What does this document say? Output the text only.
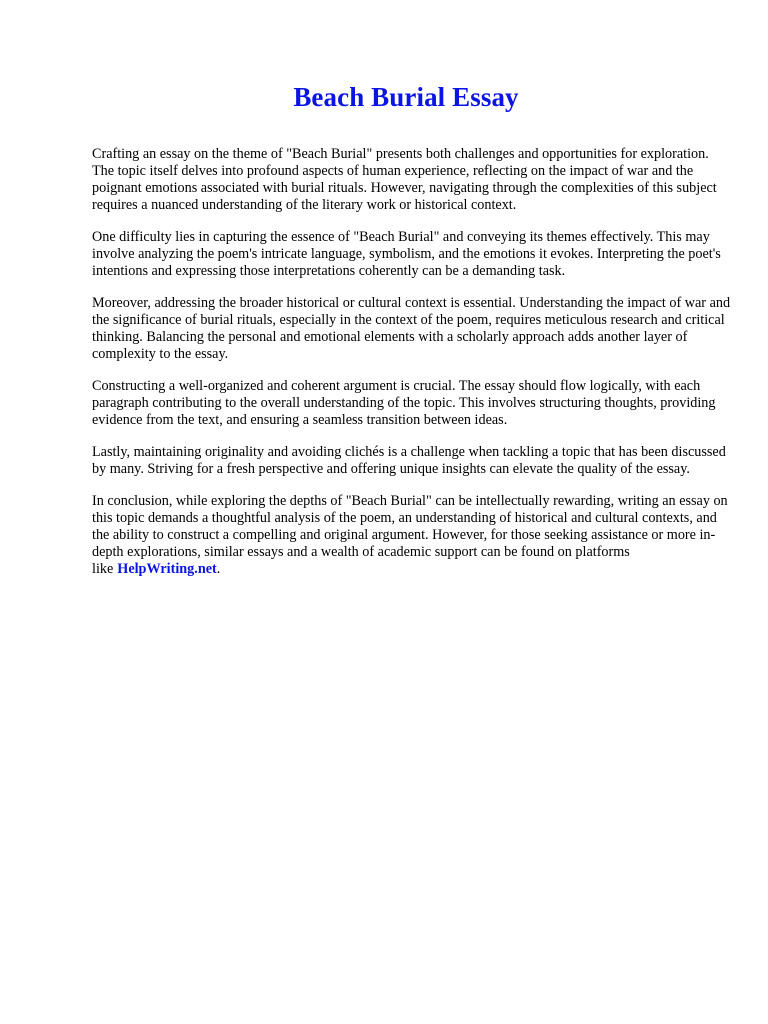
Beach Burial Essay

Crafting an essay on the theme of "Beach Burial" presents both challenges and opportunities for exploration. The topic itself delves into profound aspects of human experience, reflecting on the impact of war and the poignant emotions associated with burial rituals. However, navigating through the complexities of this subject requires a nuanced understanding of the literary work or historical context.

One difficulty lies in capturing the essence of "Beach Burial" and conveying its themes effectively. This may involve analyzing the poem's intricate language, symbolism, and the emotions it evokes. Interpreting the poet's intentions and expressing those interpretations coherently can be a demanding task.

Moreover, addressing the broader historical or cultural context is essential. Understanding the impact of war and the significance of burial rituals, especially in the context of the poem, requires meticulous research and critical thinking. Balancing the personal and emotional elements with a scholarly approach adds another layer of complexity to the essay.

Constructing a well-organized and coherent argument is crucial. The essay should flow logically, with each paragraph contributing to the overall understanding of the topic. This involves structuring thoughts, providing evidence from the text, and ensuring a seamless transition between ideas.

Lastly, maintaining originality and avoiding clichés is a challenge when tackling a topic that has been discussed by many. Striving for a fresh perspective and offering unique insights can elevate the quality of the essay.

In conclusion, while exploring the depths of "Beach Burial" can be intellectually rewarding, writing an essay on this topic demands a thoughtful analysis of the poem, an understanding of historical and cultural contexts, and the ability to construct a compelling and original argument. However, for those seeking assistance or more in-depth explorations, similar essays and a wealth of academic support can be found on platforms like HelpWriting.net.
